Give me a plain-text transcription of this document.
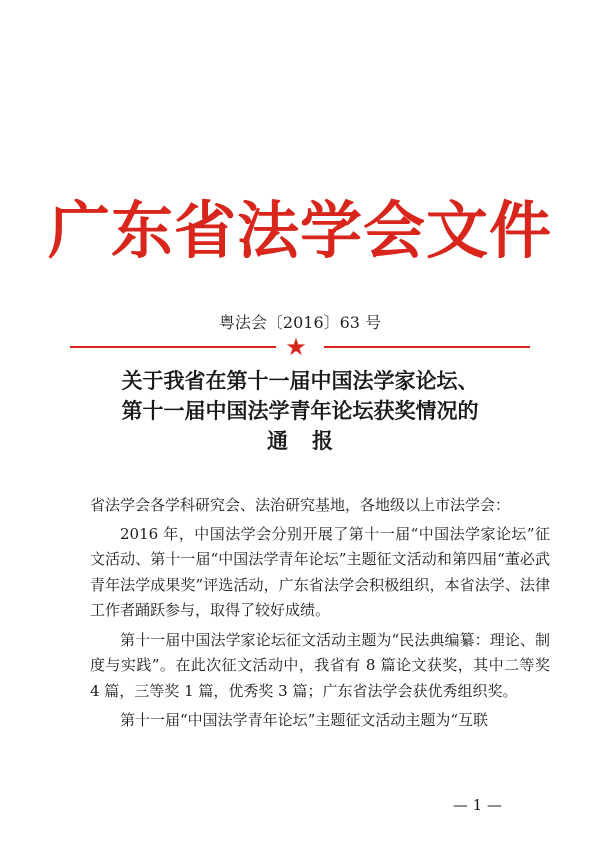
广东省法学会文件
粤法会〔2016〕63 号
★
关于我省在第十一届中国法学家论坛、
第十一届中国法学青年论坛获奖情况的
通报

省法学会各学科研究会、法治研究基地，各地级以上市法学会：

2016 年，中国法学会分别开展了第十一届“中国法学家论坛”征文活动、第十一届“中国法学青年论坛”主题征文活动和第四届“董必武青年法学成果奖”评选活动，广东省法学会积极组织，本省法学、法律工作者踊跃参与，取得了较好成绩。

第十一届中国法学家论坛征文活动主题为“民法典编纂：理论、制度与实践”。在此次征文活动中，我省有 8 篇论文获奖，其中二等奖 4 篇，三等奖 1 篇，优秀奖 3 篇；广东省法学会获优秀组织奖。

第十一届“中国法学青年论坛”主题征文活动主题为“互联

— 1 —
